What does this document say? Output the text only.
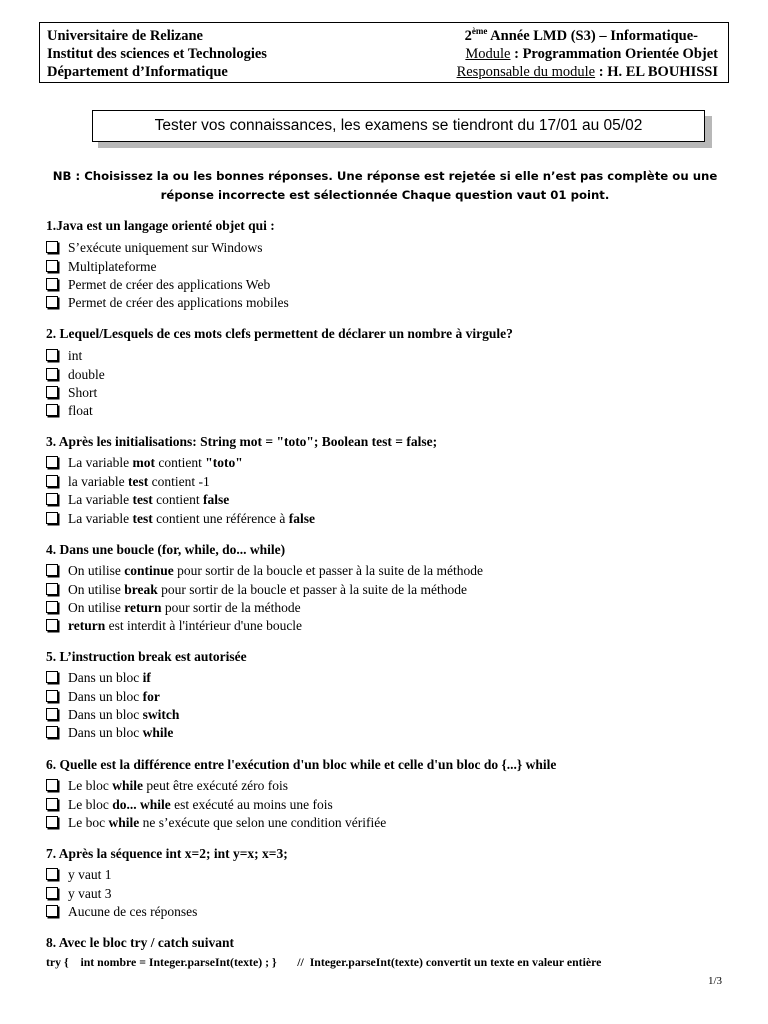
Universitaire de Relizane
Institut des sciences et Technologies
Département d’Informatique
2ème Année LMD (S3) – Informatique-
Module : Programmation Orientée Objet
Responsable du module : H. EL BOUHISSI
Tester vos connaissances, les examens se tiendront du 17/01 au 05/02
NB : Choisissez la ou les bonnes réponses. Une réponse est rejetée si elle n’est pas complète ou une
réponse incorrecte est sélectionnée Chaque question vaut 01 point.
1.Java est un langage orienté objet qui :
S’exécute uniquement sur Windows
Multiplateforme
Permet de créer des applications Web
Permet de créer des applications mobiles
2. Lequel/Lesquels de ces mots clefs permettent de déclarer un nombre à virgule?
int
double
Short
float
3. Après les initialisations: String mot = "toto"; Boolean test = false;
La variable mot contient "toto"
la variable test contient -1
La variable test contient false
La variable test contient une référence à false
4. Dans une boucle (for, while, do... while)
On utilise continue pour sortir de la boucle et passer à la suite de la méthode
On utilise break pour sortir de la boucle et passer à la suite de la méthode
On utilise return pour sortir de la méthode
return est interdit à l'intérieur d'une boucle
5. L’instruction break est autorisée
Dans un bloc if
Dans un bloc for
Dans un bloc switch
Dans un bloc while
6. Quelle est la différence entre l'exécution d'un bloc while et celle d'un bloc do {...} while
Le bloc while peut être exécuté zéro fois
Le bloc do... while est exécuté au moins une fois
Le boc while ne s’exécute que selon une condition vérifiée
7. Après la séquence int x=2; int y=x; x=3;
y vaut 1
y vaut 3
Aucune de ces réponses
8. Avec le bloc try / catch suivant
try {    int nombre = Integer.parseInt(texte) ; }       //  Integer.parseInt(texte) convertit un texte en valeur entière
1/3
